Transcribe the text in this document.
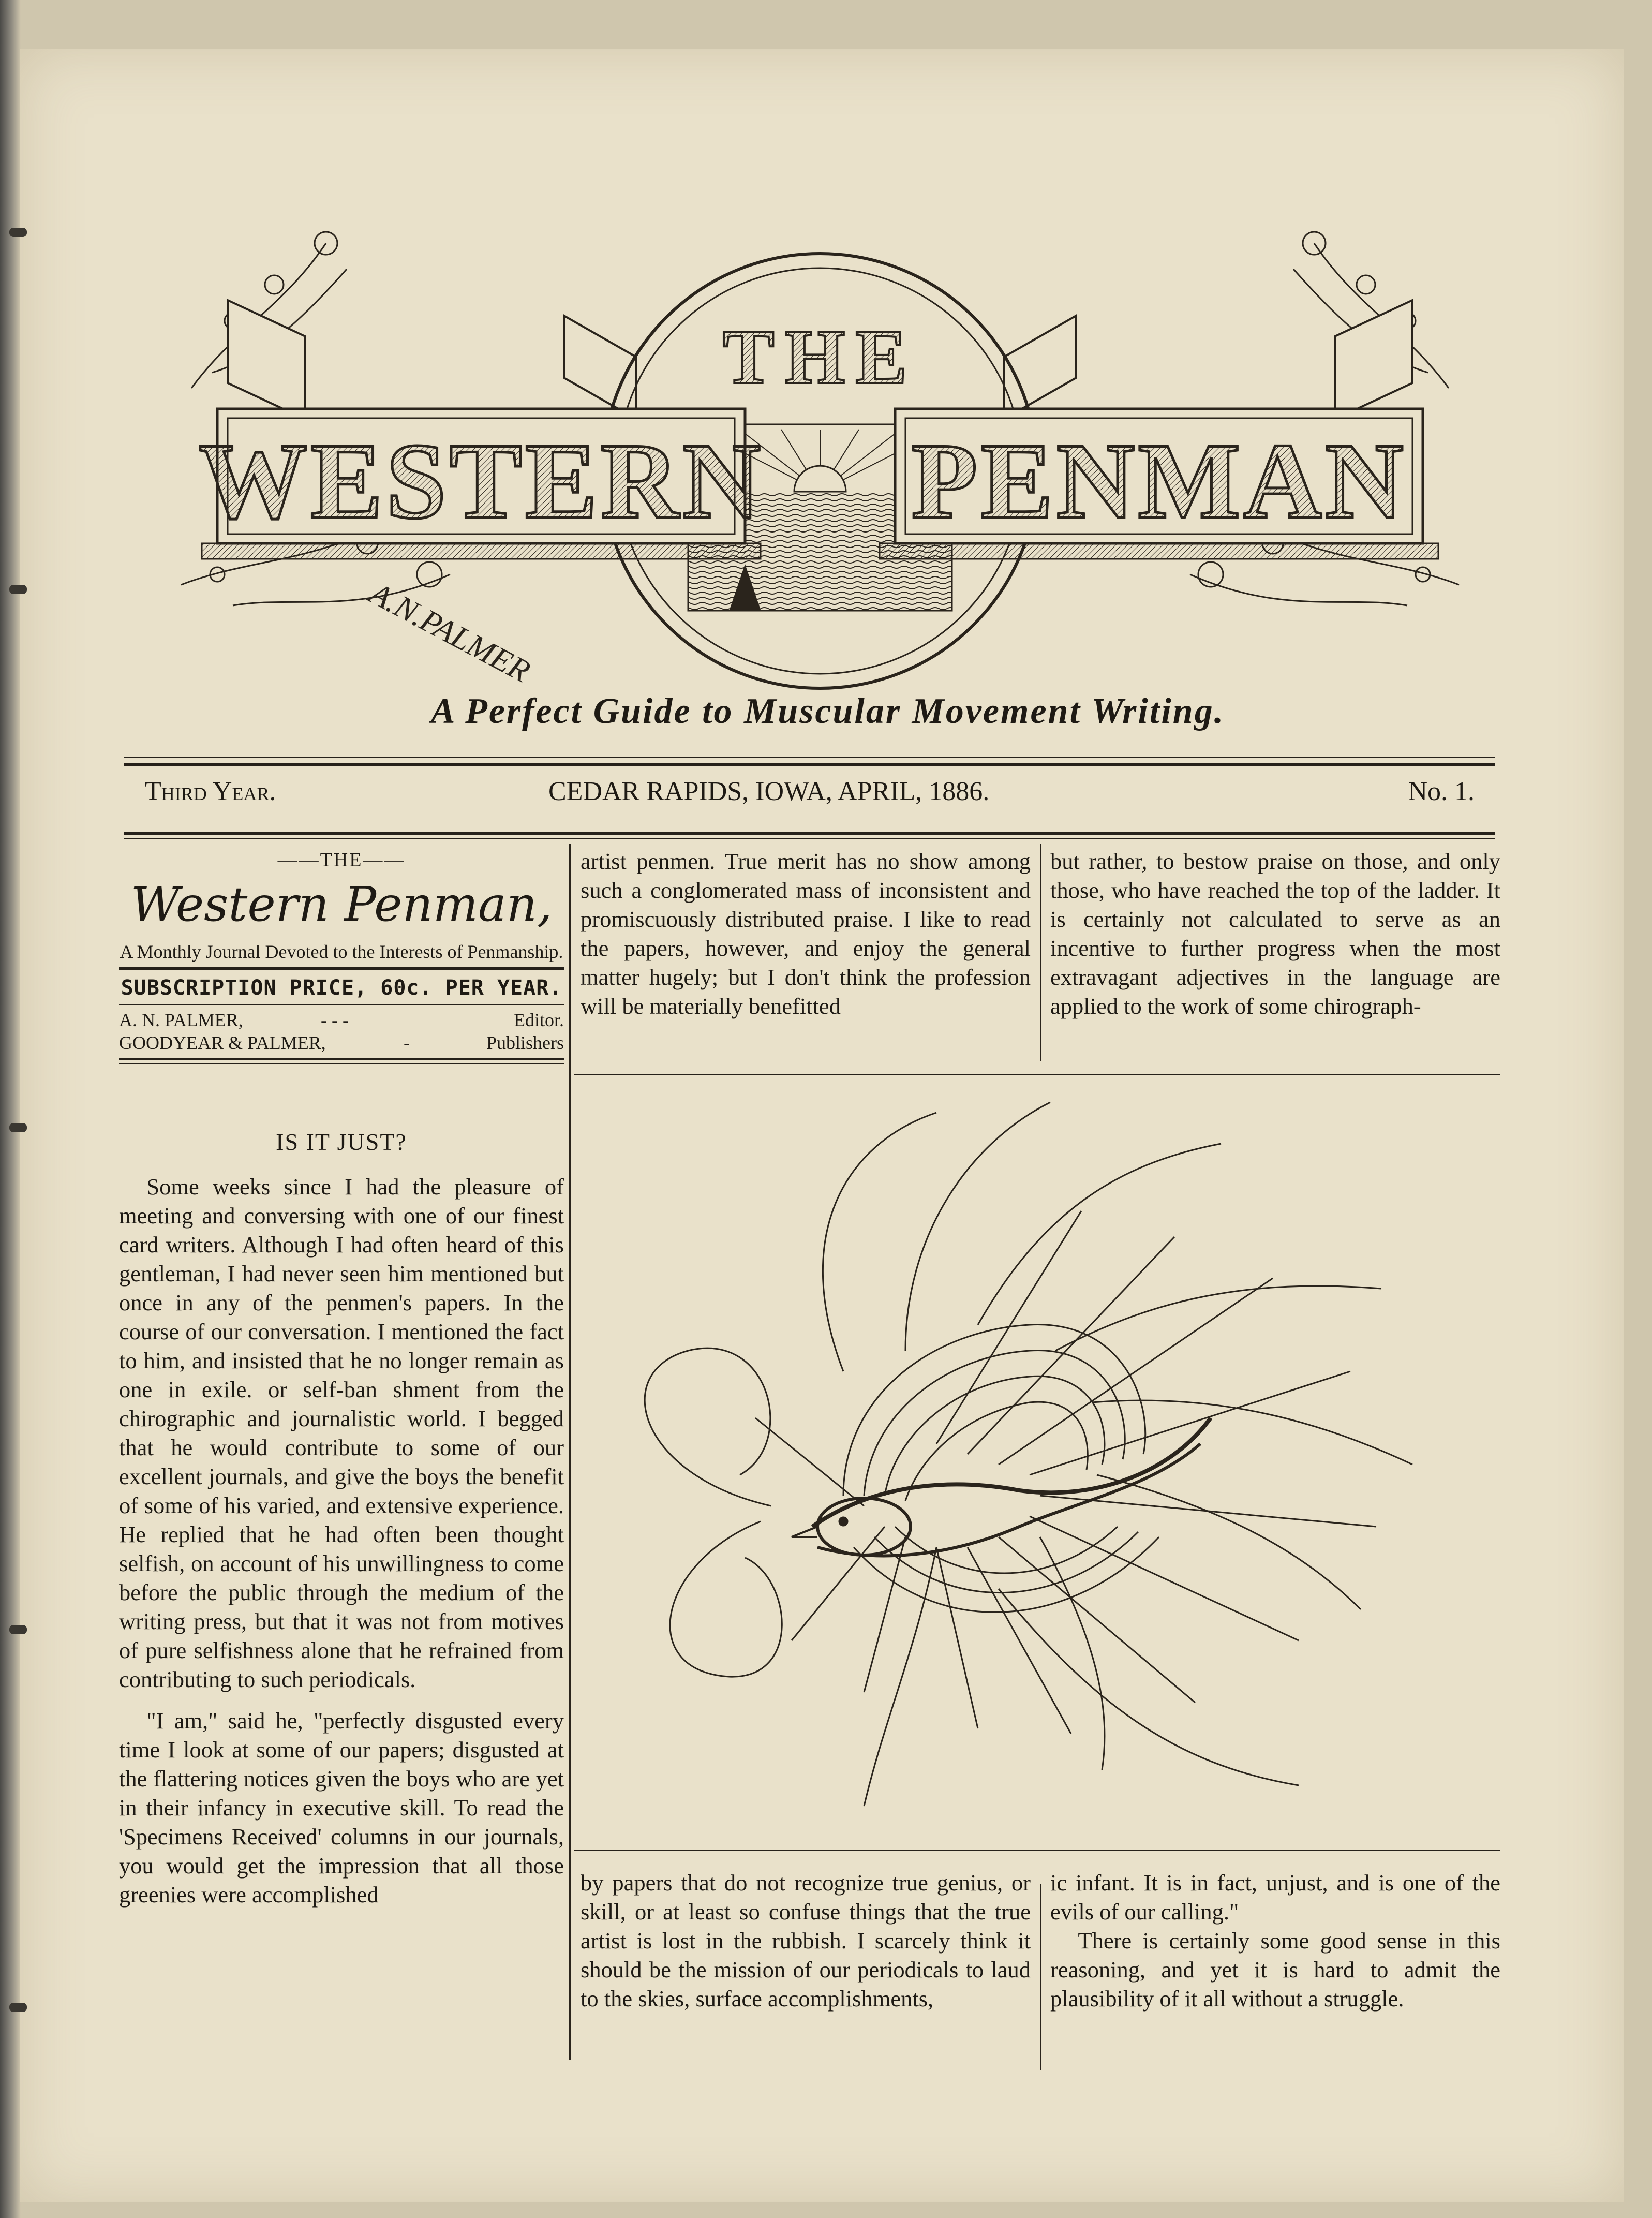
THE
WESTERN PENMAN
A.N.PALMER
A Perfect Guide to Muscular Movement Writing.
Third Year.	CEDAR RAPIDS, IOWA, APRIL, 1886.	No. 1.
——THE——
Western Penman,
A Monthly Journal Devoted to the Interests of Penmanship.
SUBSCRIPTION PRICE, 60c. PER YEAR.
A. N. PALMER,	- - -	Editor.
GOODYEAR & PALMER,	-	Publishers
IS IT JUST?

Some weeks since I had the pleasure of meeting and conversing with one of our finest card writers. Although I had often heard of this gentleman, I had never seen him mentioned but once in any of the penmen's papers. In the course of our conversation. I mentioned the fact to him, and insisted that he no longer remain as one in exile. or self-ban shment from the chirographic and journalistic world. I begged that he would contribute to some of our excellent journals, and give the boys the benefit of some of his varied, and extensive experience. He replied that he had often been thought selfish, on account of his unwillingness to come before the public through the medium of the writing press, but that it was not from motives of pure selfishness alone that he refrained from contributing to such periodicals.

"I am," said he, "perfectly disgusted every time I look at some of our papers; disgusted at the flattering notices given the boys who are yet in their infancy in executive skill. To read the 'Specimens Received' columns in our journals, you would get the impression that all those greenies were accomplished

artist penmen. True merit has no show among such a conglomerated mass of inconsistent and promiscuously distributed praise. I like to read the papers, however, and enjoy the general matter hugely; but I don't think the profession will be materially benefitted

but rather, to bestow praise on those, and only those, who have reached the top of the ladder. It is certainly not calculated to serve as an incentive to further progress when the most extravagant adjectives in the language are applied to the work of some chirograph-

by papers that do not recognize true genius, or skill, or at least so confuse things that the true artist is lost in the rubbish. I scarcely think it should be the mission of our periodicals to laud to the skies, surface accomplishments,

ic infant. It is in fact, unjust, and is one of the evils of our calling."

There is certainly some good sense in this reasoning, and yet it is hard to admit the plausibility of it all without a struggle.
